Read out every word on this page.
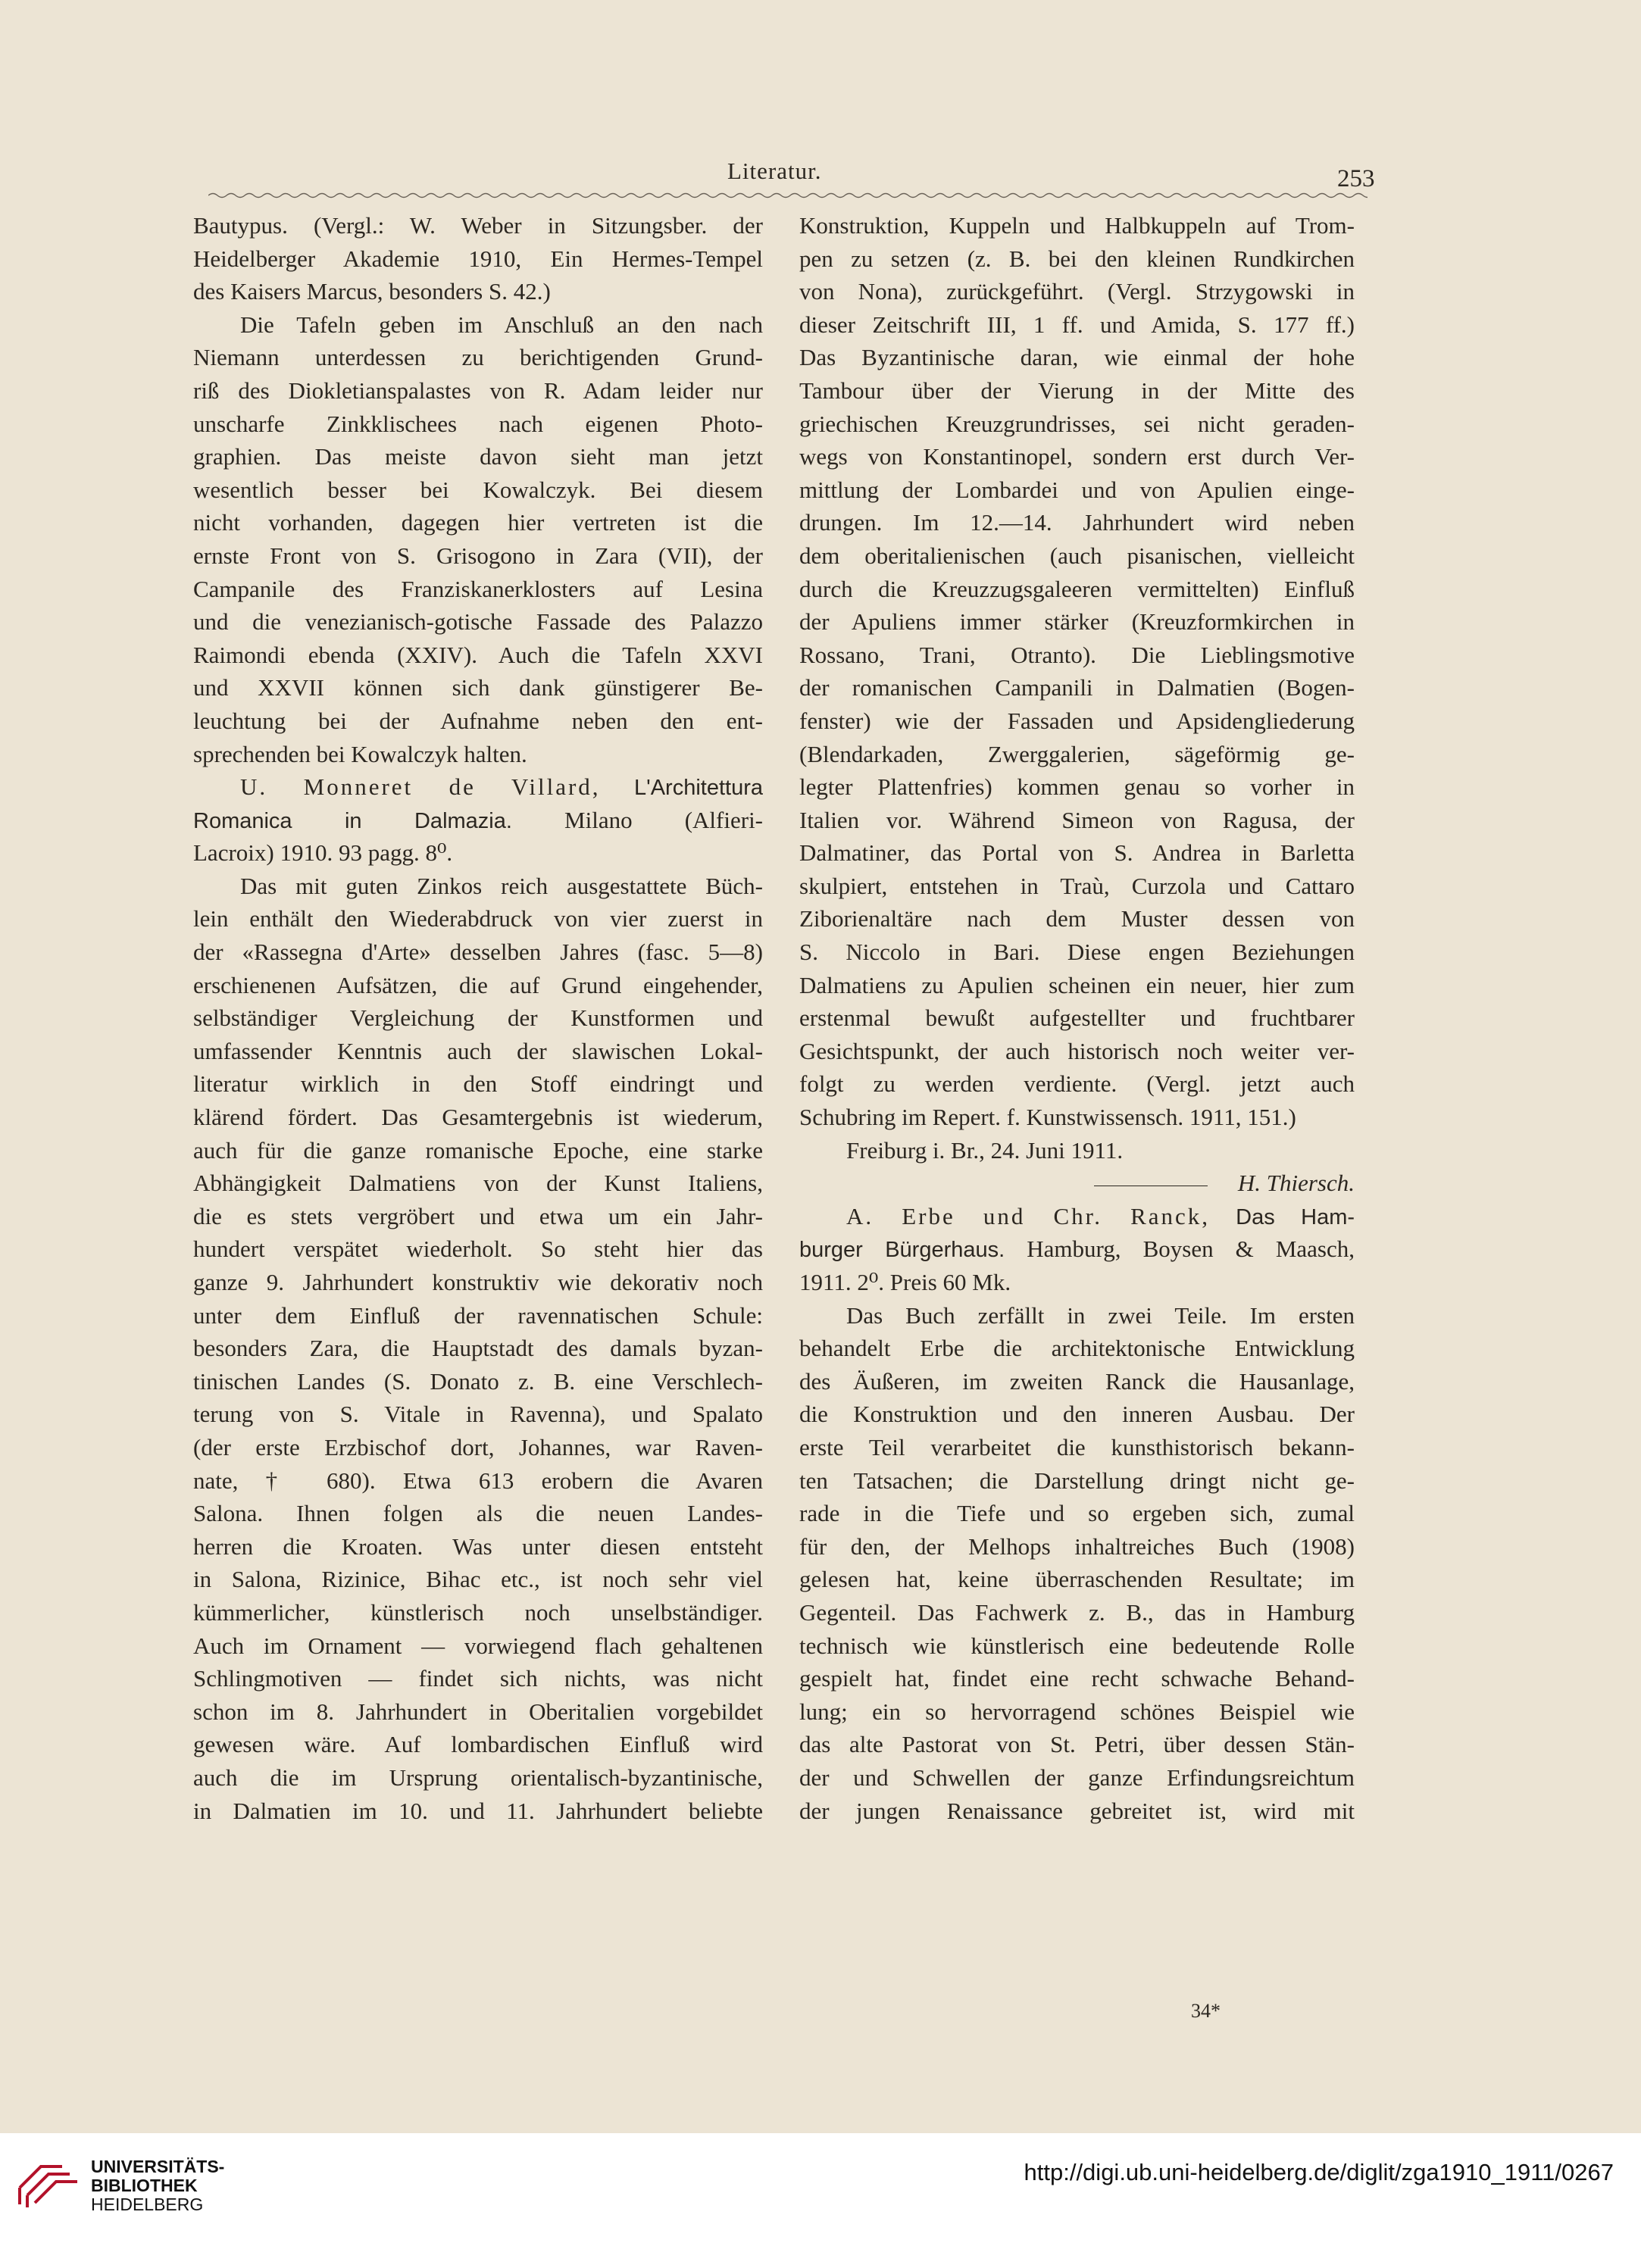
Literatur.	253
Bautypus. (Vergl.: W. Weber in Sitzungsber. der
Heidelberger Akademie 1910, Ein Hermes-Tempel
des Kaisers Marcus, besonders S. 42.)
Die Tafeln geben im Anschluß an den nach
Niemann unterdessen zu berichtigenden Grund-
riß des Diokletianspalastes von R. Adam leider nur
unscharfe Zinkklischees nach eigenen Photo-
graphien. Das meiste davon sieht man jetzt
wesentlich besser bei Kowalczyk. Bei diesem
nicht vorhanden, dagegen hier vertreten ist die
ernste Front von S. Grisogono in Zara (VII), der
Campanile des Franziskanerklosters auf Lesina
und die venezianisch-gotische Fassade des Palazzo
Raimondi ebenda (XXIV). Auch die Tafeln XXVI
und XXVII können sich dank günstigerer Be-
leuchtung bei der Aufnahme neben den ent-
sprechenden bei Kowalczyk halten.
U. Monneret de Villard, L'Architettura
Romanica in Dalmazia. Milano (Alfieri-
Lacroix) 1910. 93 pagg. 8⁰.
Das mit guten Zinkos reich ausgestattete Büch-
lein enthält den Wiederabdruck von vier zuerst in
der «Rassegna d'Arte» desselben Jahres (fasc. 5—8)
erschienenen Aufsätzen, die auf Grund eingehender,
selbständiger Vergleichung der Kunstformen und
umfassender Kenntnis auch der slawischen Lokal-
literatur wirklich in den Stoff eindringt und
klärend fördert. Das Gesamtergebnis ist wiederum,
auch für die ganze romanische Epoche, eine starke
Abhängigkeit Dalmatiens von der Kunst Italiens,
die es stets vergröbert und etwa um ein Jahr-
hundert verspätet wiederholt. So steht hier das
ganze 9. Jahrhundert konstruktiv wie dekorativ noch
unter dem Einfluß der ravennatischen Schule:
besonders Zara, die Hauptstadt des damals byzan-
tinischen Landes (S. Donato z. B. eine Verschlech-
terung von S. Vitale in Ravenna), und Spalato
(der erste Erzbischof dort, Johannes, war Raven-
nate, † 680). Etwa 613 erobern die Avaren
Salona. Ihnen folgen als die neuen Landes-
herren die Kroaten. Was unter diesen entsteht
in Salona, Rizinice, Bihac etc., ist noch sehr viel
kümmerlicher, künstlerisch noch unselbständiger.
Auch im Ornament — vorwiegend flach gehaltenen
Schlingmotiven — findet sich nichts, was nicht
schon im 8. Jahrhundert in Oberitalien vorgebildet
gewesen wäre. Auf lombardischen Einfluß wird
auch die im Ursprung orientalisch-byzantinische,
in Dalmatien im 10. und 11. Jahrhundert beliebte
Konstruktion, Kuppeln und Halbkuppeln auf Trom-
pen zu setzen (z. B. bei den kleinen Rundkirchen
von Nona), zurückgeführt. (Vergl. Strzygowski in
dieser Zeitschrift III, 1 ff. und Amida, S. 177 ff.)
Das Byzantinische daran, wie einmal der hohe
Tambour über der Vierung in der Mitte des
griechischen Kreuzgrundrisses, sei nicht geraden-
wegs von Konstantinopel, sondern erst durch Ver-
mittlung der Lombardei und von Apulien einge-
drungen. Im 12.—14. Jahrhundert wird neben
dem oberitalienischen (auch pisanischen, vielleicht
durch die Kreuzzugsgaleeren vermittelten) Einfluß
der Apuliens immer stärker (Kreuzformkirchen in
Rossano, Trani, Otranto). Die Lieblingsmotive
der romanischen Campanili in Dalmatien (Bogen-
fenster) wie der Fassaden und Apsidengliederung
(Blendarkaden, Zwerggalerien, sägeförmig ge-
legter Plattenfries) kommen genau so vorher in
Italien vor. Während Simeon von Ragusa, der
Dalmatiner, das Portal von S. Andrea in Barletta
skulpiert, entstehen in Traù, Curzola und Cattaro
Ziborienaltäre nach dem Muster dessen von
S. Niccolo in Bari. Diese engen Beziehungen
Dalmatiens zu Apulien scheinen ein neuer, hier zum
erstenmal bewußt aufgestellter und fruchtbarer
Gesichtspunkt, der auch historisch noch weiter ver-
folgt zu werden verdiente. (Vergl. jetzt auch
Schubring im Repert. f. Kunstwissensch. 1911, 151.)
Freiburg i. Br., 24. Juni 1911.
H. Thiersch.
A. Erbe und Chr. Ranck, Das Ham-
burger Bürgerhaus. Hamburg, Boysen & Maasch,
1911. 2⁰. Preis 60 Mk.
Das Buch zerfällt in zwei Teile. Im ersten
behandelt Erbe die architektonische Entwicklung
des Äußeren, im zweiten Ranck die Hausanlage,
die Konstruktion und den inneren Ausbau. Der
erste Teil verarbeitet die kunsthistorisch bekann-
ten Tatsachen; die Darstellung dringt nicht ge-
rade in die Tiefe und so ergeben sich, zumal
für den, der Melhops inhaltreiches Buch (1908)
gelesen hat, keine überraschenden Resultate; im
Gegenteil. Das Fachwerk z. B., das in Hamburg
technisch wie künstlerisch eine bedeutende Rolle
gespielt hat, findet eine recht schwache Behand-
lung; ein so hervorragend schönes Beispiel wie
das alte Pastorat von St. Petri, über dessen Stän-
der und Schwellen der ganze Erfindungsreichtum
der jungen Renaissance gebreitet ist, wird mit
34*
UNIVERSITÄTS-
BIBLIOTHEK
HEIDELBERG
http://digi.ub.uni-heidelberg.de/diglit/zga1910_1911/0267
